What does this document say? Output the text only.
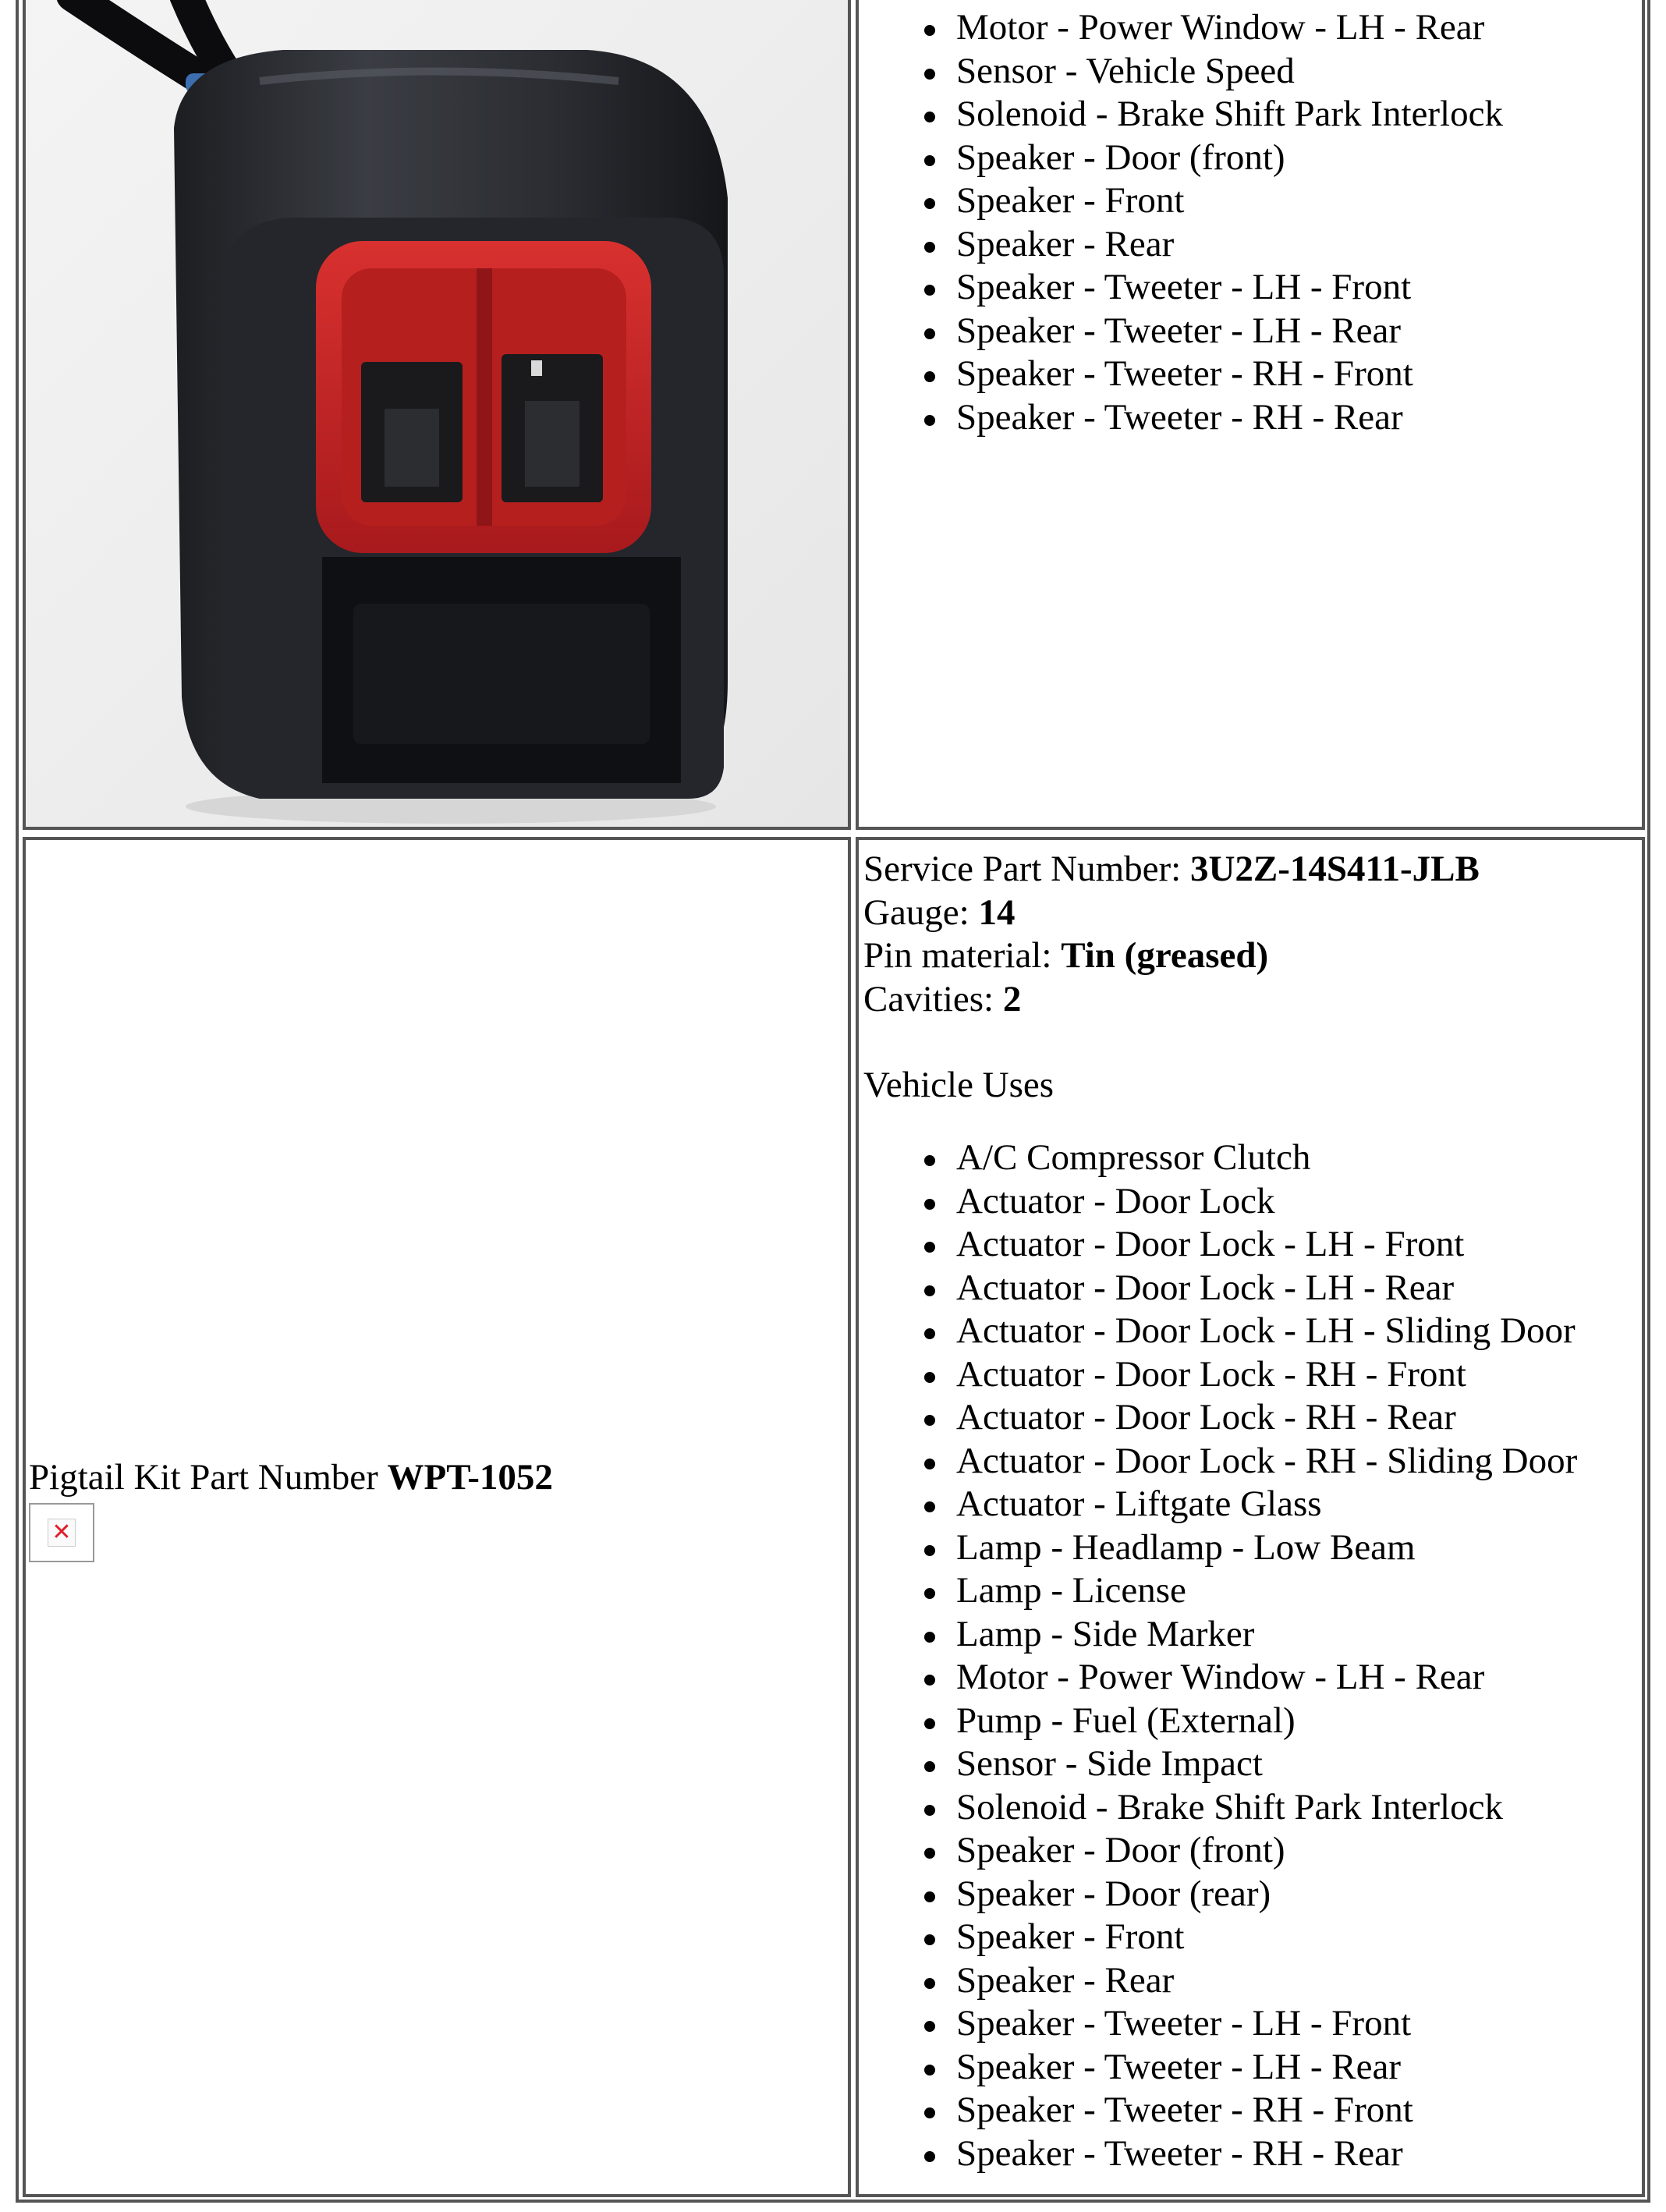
Motor - Power Window - LH - Rear
Sensor - Vehicle Speed
Solenoid - Brake Shift Park Interlock
Speaker - Door (front)
Speaker - Front
Speaker - Rear
Speaker - Tweeter - LH - Front
Speaker - Tweeter - LH - Rear
Speaker - Tweeter - RH - Front
Speaker - Tweeter - RH - Rear
Pigtail Kit Part Number WPT-1052
✕
Service Part Number: 3U2Z-14S411-JLB
Gauge: 14
Pin material: Tin (greased)
Cavities: 2
Vehicle Uses
A/C Compressor Clutch
Actuator - Door Lock
Actuator - Door Lock - LH - Front
Actuator - Door Lock - LH - Rear
Actuator - Door Lock - LH - Sliding Door
Actuator - Door Lock - RH - Front
Actuator - Door Lock - RH - Rear
Actuator - Door Lock - RH - Sliding Door
Actuator - Liftgate Glass
Lamp - Headlamp - Low Beam
Lamp - License
Lamp - Side Marker
Motor - Power Window - LH - Rear
Pump - Fuel (External)
Sensor - Side Impact
Solenoid - Brake Shift Park Interlock
Speaker - Door (front)
Speaker - Door (rear)
Speaker - Front
Speaker - Rear
Speaker - Tweeter - LH - Front
Speaker - Tweeter - LH - Rear
Speaker - Tweeter - RH - Front
Speaker - Tweeter - RH - Rear
